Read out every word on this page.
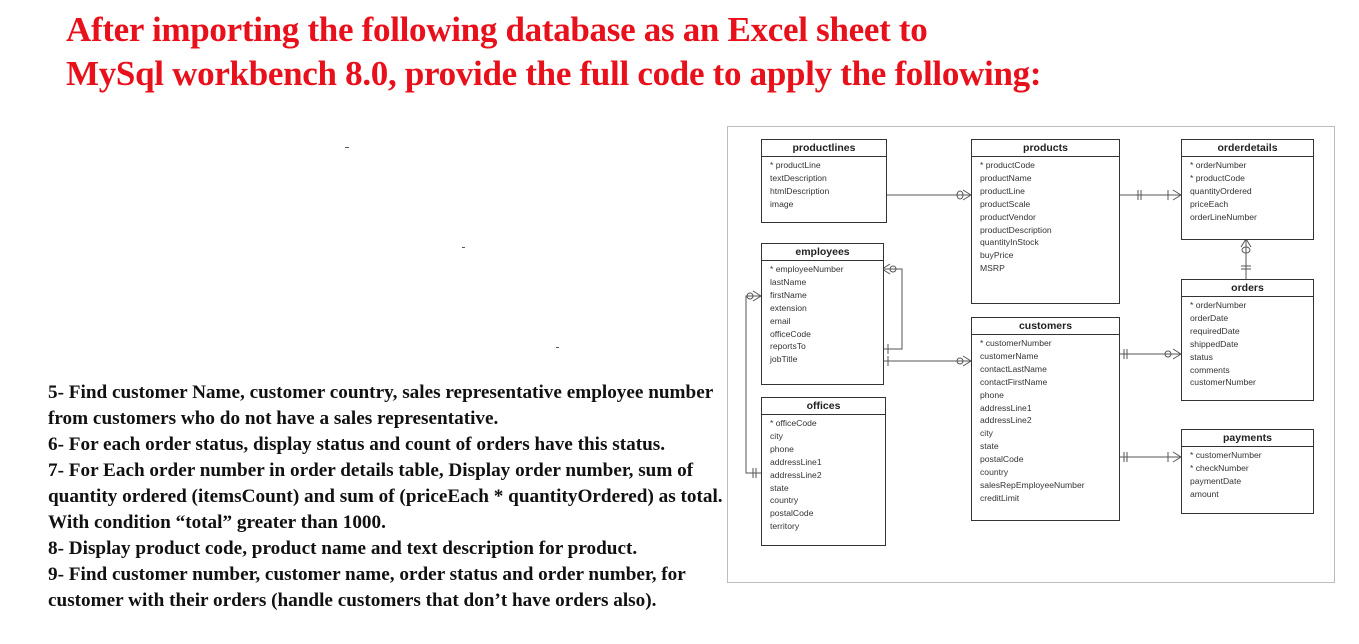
After importing the following database as an Excel sheet to
MySql workbench 8.0, provide the full code to apply the following:
5- Find customer Name, customer country, sales representative employee number from customers who do not have a sales representative.
6- For each order status, display status and count of orders have this status.
7- For Each order number in order details table, Display order number, sum of quantity ordered (itemsCount) and sum of (priceEach * quantityOrdered) as total. With condition “total” greater than 1000.
8- Display product code, product name and text description for product.
9- Find customer number, customer name, order status and order number, for customer with their orders (handle customers that don’t have orders also).
productlines
* productLine
textDescription
htmlDescription
image
products
* productCode
productName
productLine
productScale
productVendor
productDescription
quantityInStock
buyPrice
MSRP
orderdetails
* orderNumber
* productCode
quantityOrdered
priceEach
orderLineNumber
employees
* employeeNumber
lastName
firstName
extension
email
officeCode
reportsTo
jobTitle
orders
* orderNumber
orderDate
requiredDate
shippedDate
status
comments
customerNumber
customers
* customerNumber
customerName
contactLastName
contactFirstName
phone
addressLine1
addressLine2
city
state
postalCode
country
salesRepEmployeeNumber
creditLimit
offices
* officeCode
city
phone
addressLine1
addressLine2
state
country
postalCode
territory
payments
* customerNumber
* checkNumber
paymentDate
amount
